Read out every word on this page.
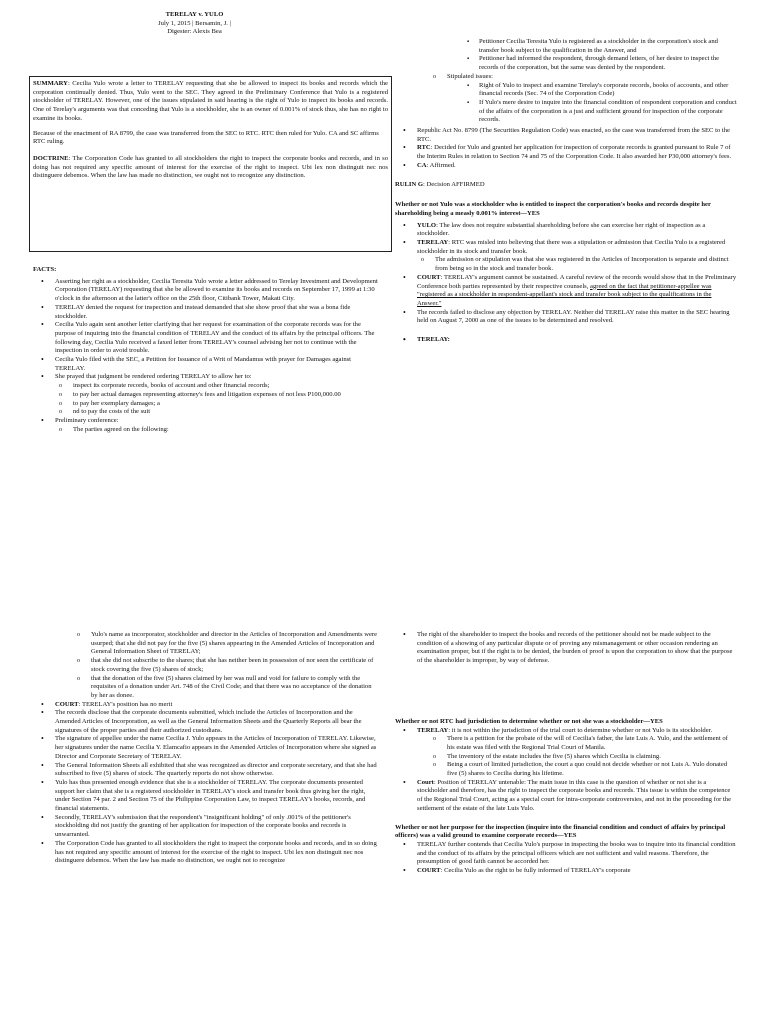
TERELAY v. YULO
July 1, 2015 | Bersamin, J. |
Digester: Alexis Bea

SUMMARY: Cecilia Yulo wrote a letter to TERELAY requesting that she be allowed to inspect its books and records which the corporation continually denied. Thus, Yulo went to the SEC. They agreed in the Preliminary Conference that Yulo is a registered stockholder of TERELAY. However, one of the issues stipulated in said hearing is the right of Yulo to inspect its books and records. One of Terelay's arguments was that conceding that Yulo is a stockholder, she is an owner of 0.001% of stock thus, she has no right to examine its books.

Because of the enactment of RA 8799, the case was transferred from the SEC to RTC. RTC then ruled for Yulo. CA and SC affirms RTC ruling.

DOCTRINE: The Corporation Code has granted to all stockholders the right to inspect the corporate books and records, and in so doing has not required any specific amount of interest for the exercise of the right to inspect. Ubi lex non distinguit nec nos distinguere debemos. When the law has made no distinction, we ought not to recognize any distinction.

FACTS:
• Asserting her right as a stockholder, Cecilia Teresita Yulo wrote a letter addressed to Terelay Investment and Development Corporation (TERELAY) requesting that she be allowed to examine its books and records on September 17, 1999 at 1:30 o'clock in the afternoon at the latter's office on the 25th floor, Citibank Tower, Makati City.
• TERELAY denied the request for inspection and instead demanded that she show proof that she was a bona fide stockholder.
• Cecilia Yulo again sent another letter clarifying that her request for examination of the corporate records was for the purpose of inquiring into the financial condition of TERELAY and the conduct of its affairs by the principal officers. The following day, Cecilia Yulo received a faxed letter from TERELAY's counsel advising her not to continue with the inspection in order to avoid trouble.
• Cecilia Yulo filed with the SEC, a Petition for Issuance of a Writ of Mandamus with prayer for Damages against TERELAY.
• She prayed that judgment be rendered ordering TERELAY to allow her to:
o inspect its corporate records, books of account and other financial records;
o to pay her actual damages representing attorney's fees and litigation expenses of not less P100,000.00
o to pay her exemplary damages; a
o nd to pay the costs of the suit
• Preliminary conference:
o The parties agreed on the following:
▪ Petitioner Cecilia Teresita Yulo is registered as a stockholder in the corporation's stock and transfer book subject to the qualification in the Answer, and
▪ Petitioner had informed the respondent, through demand letters, of her desire to inspect the records of the corporation, but the same was denied by the respondent.
o Stipulated issues:
▪ Right of Yulo to inspect and examine Terelay's corporate records, books of accounts, and other financial records (Sec. 74 of the Corporation Code)
▪ If Yulo's mere desire to inquire into the financial condition of respondent corporation and conduct of the affairs of the corporation is a just and sufficient ground for inspection of the corporate records.
• Republic Act No. 8799 (The Securities Regulation Code) was enacted, so the case was transferred from the SEC to the RTC.
• RTC: Decided for Yulo and granted her application for inspection of corporate records is granted pursuant to Rule 7 of the Interim Rules in relation to Section 74 and 75 of the Corporation Code. It also awarded her P30,000 attorney's fees.
• CA: Affirmed.
RULIN G: Decision AFFIRMED
Whether or not Yulo was a stockholder who is entitled to inspect the corporation's books and records despite her shareholding being a measly 0.001% interest—YES
• YULO: The law does not require substantial shareholding before she can exercise her right of inspection as a stockholder.
• TERELAY: RTC was misled into believing that there was a stipulation or admission that Cecilia Yulo is a registered stockholder in its stock and transfer book.
o The admission or stipulation was that she was registered in the Articles of Incorporation is separate and distinct from being so in the stock and transfer book.
• COURT: TERELAY's argument cannot be sustained. A careful review of the records would show that in the Preliminary Conference both parties represented by their respective counsels, agreed on the fact that petitioner-appellee was "registered as a stockholder in respondent-appellant's stock and transfer book subject to the qualifications in the Answer."
• The records failed to disclose any objection by TERELAY. Neither did TERELAY raise this matter in the SEC hearing held on August 7, 2000 as one of the issues to be determined and resolved.
• TERELAY:
o Yulo's name as incorporator, stockholder and director in the Articles of Incorporation and Amendments were usurped; that she did not pay for the five (5) shares appearing in the Amended Articles of Incorporation and General Information Sheet of TERELAY;
o that she did not subscribe to the shares; that she has neither been in possession of nor seen the certificate of stock covering the five (5) shares of stock;
o that the donation of the five (5) shares claimed by her was null and void for failure to comply with the requisites of a donation under Art. 748 of the Civil Code; and that there was no acceptance of the donation by her as donee.
• COURT: TERELAY's position has no merit
• The records disclose that the corporate documents submitted, which include the Articles of Incorporation and the Amended Articles of Incorporation, as well as the General Information Sheets and the Quarterly Reports all bear the signatures of the proper parties and their authorized custodians.
• The signature of appellee under the name Cecilia J. Yulo appears in the Articles of Incorporation of TERELAY. Likewise, her signatures under the name Cecilia Y. Elamcafio appears in the Amended Articles of Incorporation where she signed as Director and Corporate Secretary of TERELAY.
• The General Information Sheets all exhibited that she was recognized as director and corporate secretary, and that she had subscribed to five (5) shares of stock. The quarterly reports do not show otherwise.
• Yulo has thus presented enough evidence that she is a stockholder of TERELAY. The corporate documents presented support her claim that she is a registered stockholder in TERELAY's stock and transfer book thus giving her the right, under Section 74 par. 2 and Section 75 of the Philippine Corporation Law, to inspect TERELAY's books, records, and financial statements.
• Secondly, TERELAY's submission that the respondent's "insignificant holding" of only .001% of the petitioner's stockholding did not justify the granting of her application for inspection of the corporate books and records is unwarranted.
• The Corporation Code has granted to all stockholders the right to inspect the corporate books and records, and in so doing has not required any specific amount of interest for the exercise of the right to inspect. Ubi lex non distinguit nec nos distinguere debemos. When the law has made no distinction, we ought not to recognize
• The right of the shareholder to inspect the books and records of the petitioner should not be made subject to the condition of a showing of any particular dispute or of proving any mismanagement or other occasion rendering an examination proper, but if the right is to be denied, the burden of proof is upon the corporation to show that the purpose of the shareholder is improper, by way of defense.
Whether or not RTC had jurisdiction to determine whether or not she was a stockholder—YES
• TERELAY: it is not within the jurisdiction of the trial court to determine whether or not Yulo is its stockholder.
o There is a petition for the probate of the will of Cecilia's father, the late Luis A. Yulo, and the settlement of his estate was filed with the Regional Trial Court of Manila.
o The inventory of the estate includes the five (5) shares which Cecilia is claiming.
o Being a court of limited jurisdiction, the court a quo could not decide whether or not Luis A. Yulo donated five (5) shares to Cecilia during his lifetime.
• Court: Position of TERELAY untenable: The main issue in this case is the question of whether or not she is a stockholder and therefore, has the right to inspect the corporate books and records. This issue is within the competence of the Regional Trial Court, acting as a special court for intra-corporate controversies, and not in the proceeding for the settlement of the estate of the late Luis Yulo.
Whether or not her purpose for the inspection (inquire into the financial condition and conduct of affairs by principal officers) was a valid ground to examine corporate records—YES
• TERELAY further contends that Cecilia Yulo's purpose in inspecting the books was to inquire into its financial condition and the conduct of its affairs by the principal officers which are not sufficient and valid reasons. Therefore, the presumption of good faith cannot be accorded her.
• COURT: Cecilia Yulo as the right to be fully informed of TERELAY's corporate
